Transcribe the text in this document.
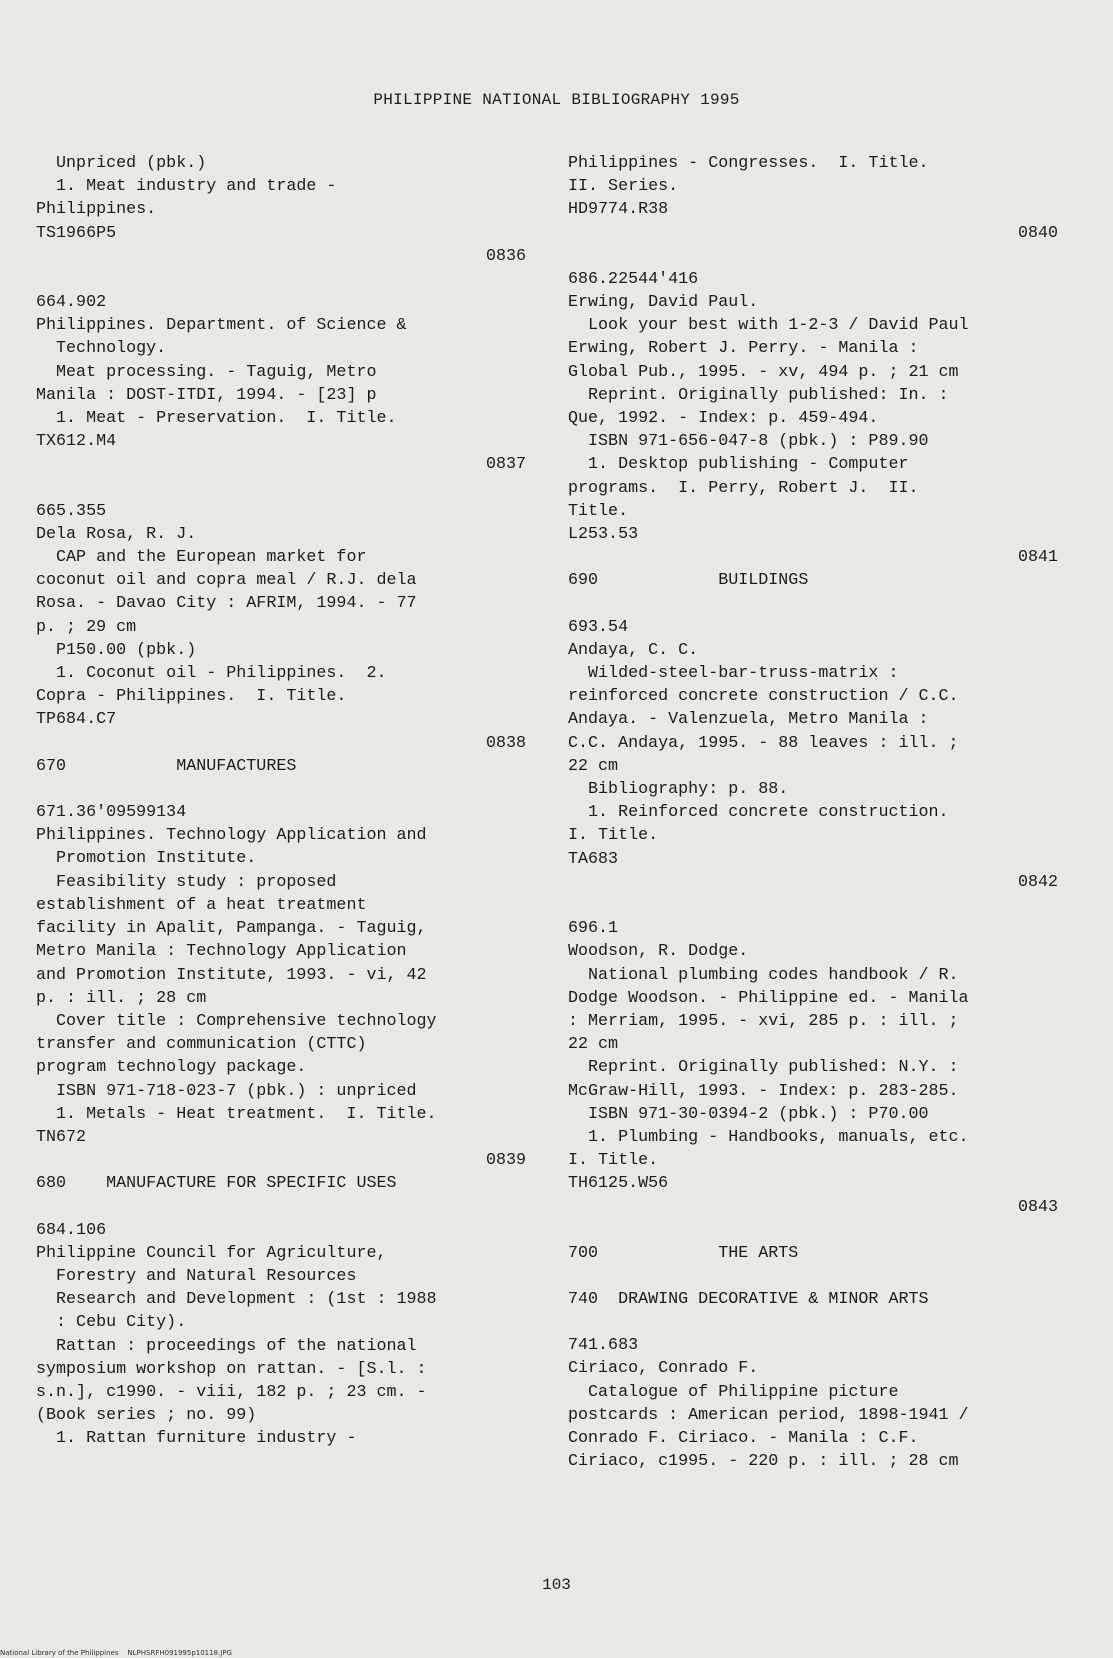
PHILIPPINE NATIONAL BIBLIOGRAPHY 1995
Unpriced (pbk.)
1. Meat industry and trade -
Philippines.
TS1966P5
0836
664.902
Philippines. Department. of Science &
Technology.
Meat processing. - Taguig, Metro
Manila : DOST-ITDI, 1994. - [23] p
1. Meat - Preservation.  I. Title.
TX612.M4
0837
665.355
Dela Rosa, R. J.
CAP and the European market for
coconut oil and copra meal / R.J. dela
Rosa. - Davao City : AFRIM, 1994. - 77
p. ; 29 cm
P150.00 (pbk.)
1. Coconut oil - Philippines.  2.
Copra - Philippines.  I. Title.
TP684.C7
0838
670           MANUFACTURES
671.36'09599134
Philippines. Technology Application and
Promotion Institute.
Feasibility study : proposed
establishment of a heat treatment
facility in Apalit, Pampanga. - Taguig,
Metro Manila : Technology Application
and Promotion Institute, 1993. - vi, 42
p. : ill. ; 28 cm
Cover title : Comprehensive technology
transfer and communication (CTTC)
program technology package.
ISBN 971-718-023-7 (pbk.) : unpriced
1. Metals - Heat treatment.  I. Title.
TN672
0839
680    MANUFACTURE FOR SPECIFIC USES
684.106
Philippine Council for Agriculture,
Forestry and Natural Resources
Research and Development : (1st : 1988
: Cebu City).
Rattan : proceedings of the national
symposium workshop on rattan. - [S.l. :
s.n.], c1990. - viii, 182 p. ; 23 cm. -
(Book series ; no. 99)
1. Rattan furniture industry -
Philippines - Congresses.  I. Title.
II. Series.
HD9774.R38
0840
686.22544'416
Erwing, David Paul.
Look your best with 1-2-3 / David Paul
Erwing, Robert J. Perry. - Manila :
Global Pub., 1995. - xv, 494 p. ; 21 cm
Reprint. Originally published: In. :
Que, 1992. - Index: p. 459-494.
ISBN 971-656-047-8 (pbk.) : P89.90
1. Desktop publishing - Computer
programs.  I. Perry, Robert J.  II.
Title.
L253.53
0841
690            BUILDINGS
693.54
Andaya, C. C.
Wilded-steel-bar-truss-matrix :
reinforced concrete construction / C.C.
Andaya. - Valenzuela, Metro Manila :
C.C. Andaya, 1995. - 88 leaves : ill. ;
22 cm
Bibliography: p. 88.
1. Reinforced concrete construction.
I. Title.
TA683
0842
696.1
Woodson, R. Dodge.
National plumbing codes handbook / R.
Dodge Woodson. - Philippine ed. - Manila
: Merriam, 1995. - xvi, 285 p. : ill. ;
22 cm
Reprint. Originally published: N.Y. :
McGraw-Hill, 1993. - Index: p. 283-285.
ISBN 971-30-0394-2 (pbk.) : P70.00
1. Plumbing - Handbooks, manuals, etc.
I. Title.
TH6125.W56
0843
700            THE ARTS
740  DRAWING DECORATIVE & MINOR ARTS
741.683
Ciriaco, Conrado F.
Catalogue of Philippine picture
postcards : American period, 1898-1941 /
Conrado F. Ciriaco. - Manila : C.F.
Ciriaco, c1995. - 220 p. : ill. ; 28 cm
103
National Library of the Philippines    NLPHSRFH091995p10118.JPG
